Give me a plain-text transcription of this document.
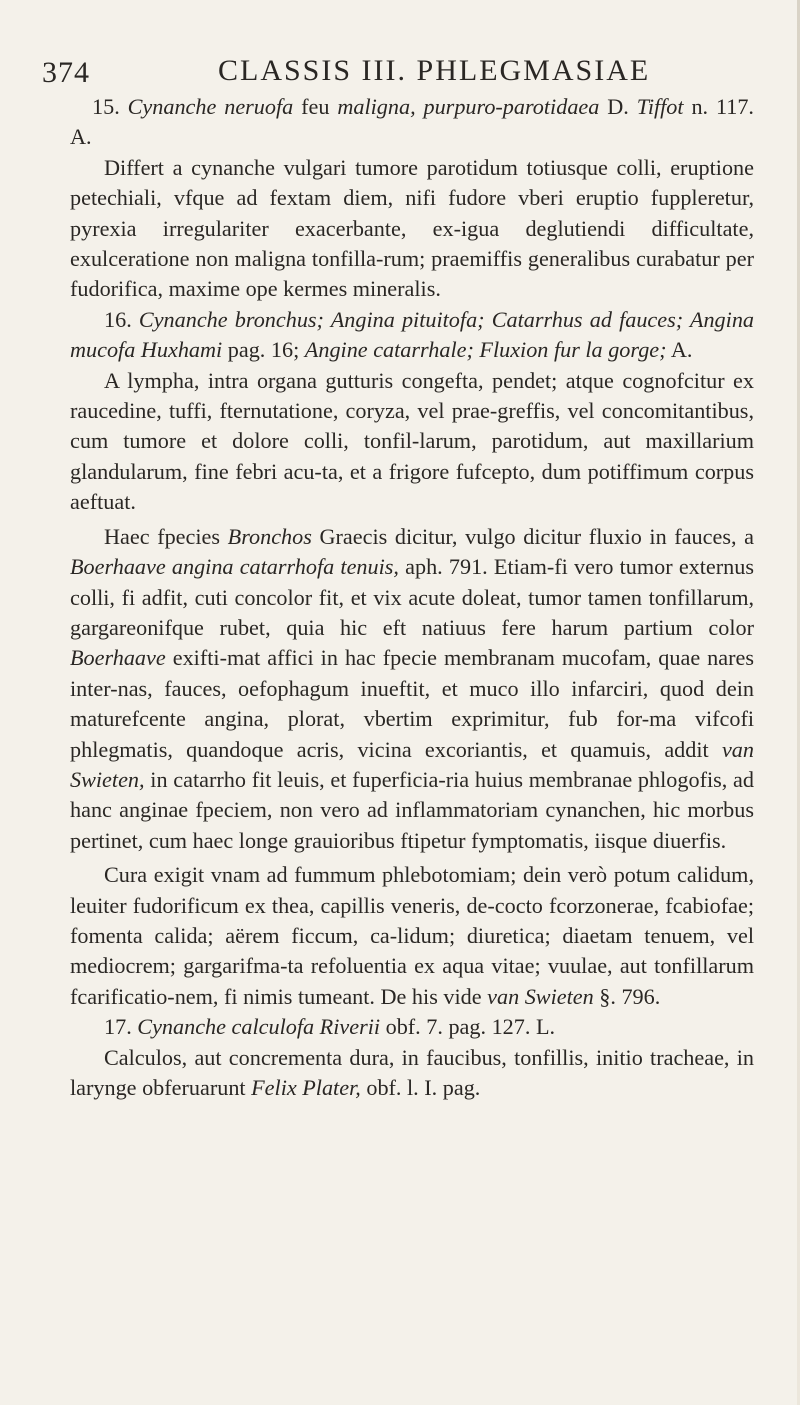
374	CLASSIS III. PHLEGMASIAE

15. Cynanche neruofa feu maligna, purpuro-parotidaea D. Tiffot n. 117. A.

Differt a cynanche vulgari tumore parotidum totiusque colli, eruptione petechiali, vfque ad fextam diem, nifi fudore vberi eruptio fuppleretur, pyrexia irregulariter exacerbante, ex-igua deglutiendi difficultate, exulceratione non maligna tonfilla-rum; praemiffis generalibus curabatur per fudorifica, maxime ope kermes mineralis.

16. Cynanche bronchus; Angina pituitofa; Catarrhus ad fauces; Angina mucofa Huxhami pag. 16; Angine catarrhale; Fluxion fur la gorge; A.

A lympha, intra organa gutturis congefta, pendet; atque cognofcitur ex raucedine, tuffi, fternutatione, coryza, vel prae-greffis, vel concomitantibus, cum tumore et dolore colli, tonfil-larum, parotidum, aut maxillarium glandularum, fine febri acu-ta, et a frigore fufcepto, dum potiffimum corpus aeftuat.

Haec fpecies Bronchos Graecis dicitur, vulgo dicitur fluxio in fauces, a Boerhaave angina catarrhofa tenuis, aph. 791. Etiam-fi vero tumor externus colli, fi adfit, cuti concolor fit, et vix acute doleat, tumor tamen tonfillarum, gargareonifque rubet, quia hic eft natiuus fere harum partium color Boerhaave exifti-mat affici in hac fpecie membranam mucofam, quae nares inter-nas, fauces, oefophagum inueftit, et muco illo infarciri, quod dein maturefcente angina, plorat, vbertim exprimitur, fub for-ma vifcofi phlegmatis, quandoque acris, vicina excoriantis, et quamuis, addit van Swieten, in catarrho fit leuis, et fuperficia-ria huius membranae phlogofis, ad hanc anginae fpeciem, non vero ad inflammatoriam cynanchen, hic morbus pertinet, cum haec longe grauioribus ftipetur fymptomatis, iisque diuerfis.

Cura exigit vnam ad fummum phlebotomiam; dein verò potum calidum, leuiter fudorificum ex thea, capillis veneris, de-cocto fcorzonerae, fcabiofae; fomenta calida; aërem ficcum, ca-lidum; diuretica; diaetam tenuem, vel mediocrem; gargarifma-ta refoluentia ex aqua vitae; vuulae, aut tonfillarum fcarificatio-nem, fi nimis tumeant. De his vide van Swieten §. 796.

17. Cynanche calculofa Riverii obf. 7. pag. 127. L.

Calculos, aut concrementa dura, in faucibus, tonfillis, initio tracheae, in larynge obferuarunt Felix Plater, obf. l. I. pag.
